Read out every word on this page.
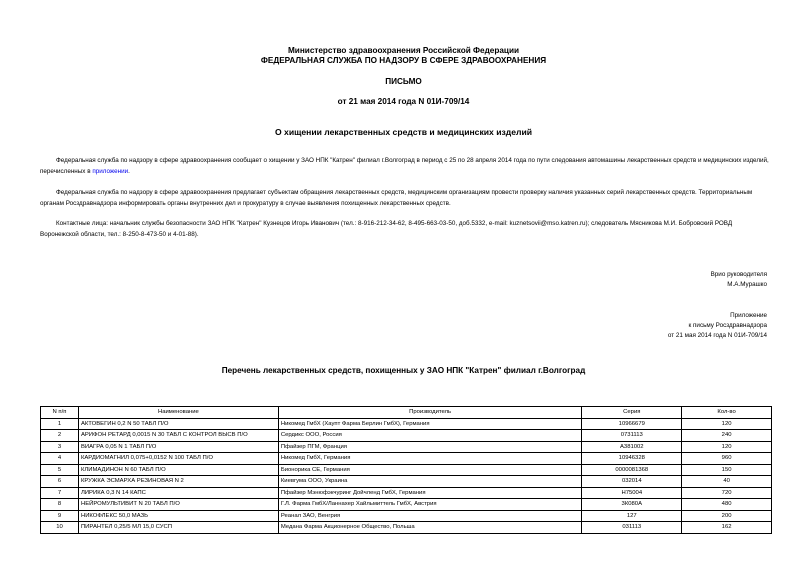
Министерство здравоохранения Российской Федерации
ФЕДЕРАЛЬНАЯ СЛУЖБА ПО НАДЗОРУ В СФЕРЕ ЗДРАВООХРАНЕНИЯ
ПИСЬМО
от 21 мая 2014 года N 01И-709/14
О хищении лекарственных средств и медицинских изделий

Федеральная служба по надзору в сфере здравоохранения сообщает о хищении у ЗАО НПК "Катрен" филиал г.Волгоград в период с 25 по 28 апреля 2014 года по пути следования автомашины лекарственных средств и медицинских изделий, перечисленных в приложении.

Федеральная служба по надзору в сфере здравоохранения предлагает субъектам обращения лекарственных средств, медицинским организациям провести проверку наличия указанных серий лекарственных средств. Территориальным органам Росздравнадзора информировать органы внутренних дел и прокуратуру в случае выявления похищенных лекарственных средств.

Контактные лица: начальник службы безопасности ЗАО НПК "Катрен" Кузнецов Игорь Иванович (тел.: 8-916-212-34-62, 8-495-663-03-50, доб.5332, e-mail: kuznetsovii@mso.katren.ru); следователь Мясникова М.И. Бобровский РОВД Воронежской области, тел.: 8-250-8-473-50 и 4-01-88).

Врио руководителя
М.А.Мурашко
Приложение
к письму Росздравнадзора
от 21 мая 2014 года N 01И-709/14
Перечень лекарственных средств, похищенных у ЗАО НПК "Катрен" филиал г.Волгоград
N п/п	Наименование	Производитель	Серия	Кол-во
1	АКТОВЕГИН 0,2 N 50 ТАБЛ П/О	Никомед ГмбХ (Хаупт Фарма Берлин ГмбХ), Германия	10966679	120
2	АРИФОН РЕТАРД 0,0015 N 30 ТАБЛ С КОНТРОЛ ВЫСВ П/О	Сердикс ООО, Россия	0731113	240
3	ВИАГРА 0,05 N 1 ТАБЛ П/О	Пфайзер ПГМ, Франция	А381002	120
4	КАРДИОМАГНИЛ 0,075+0,0152 N 100 ТАБЛ П/О	Никомед ГмбХ, Германия	10946328	960
5	КЛИМАДИНОН N 60 ТАБЛ П/О	Бионорика СЕ, Германия	0000081368	150
6	КРУЖКА ЭСМАРХА РЕЗИНОВАЯ N 2	Киевгума ООО, Украина	032014	40
7	ЛИРИКА 0,3 N 14 КАПС	Пфайзер Мэнюфэкчуринг Дойчленд ГмбХ, Германия	Н75004	720
8	НЕЙРОМУЛЬТИВИТ N 20 ТАБЛ П/О	Г.Л. Фарма ГмбХ/Ланнахер Хайльмиттель ГмбХ, Австрия	3К080А	480
9	НИКОФЛЕКС 50,0 МАЗЬ	Реанал ЗАО, Венгрия	127	200
10	ПИРАНТЕЛ 0,25/5 МЛ 15,0 СУСП	Медана Фарма Акционерное Общество, Польша	031113	162
